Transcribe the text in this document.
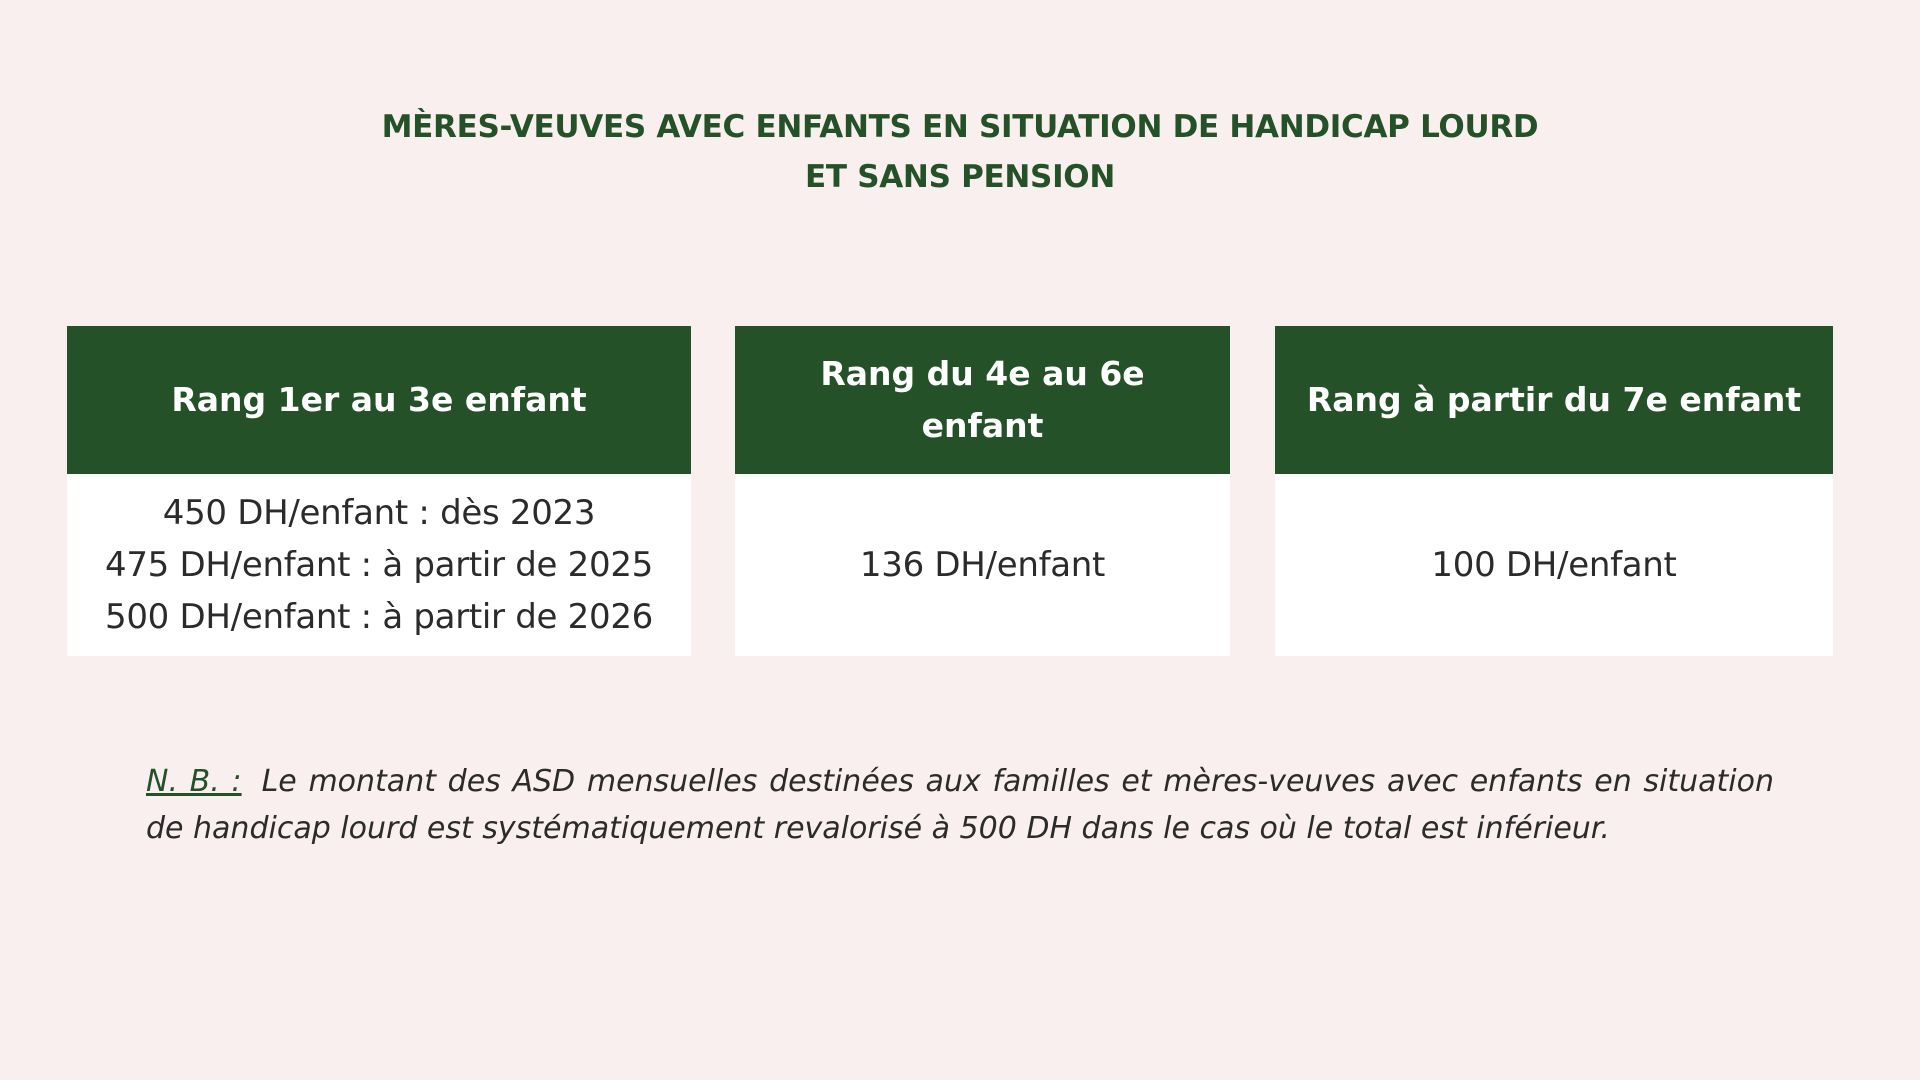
MÈRES-VEUVES AVEC ENFANTS EN SITUATION DE HANDICAP LOURD
ET SANS PENSION
Rang 1er au 3e enfant
450 DH/enfant : dès 2023
475 DH/enfant : à partir de 2025
500 DH/enfant : à partir de 2026
Rang du 4e au 6e
enfant
136 DH/enfant
Rang à partir du 7e enfant
100 DH/enfant
N. B. : Le montant des ASD mensuelles destinées aux familles et mères-veuves avec enfants en situation de handicap lourd est systématiquement revalorisé à 500 DH dans le cas où le total est inférieur.
